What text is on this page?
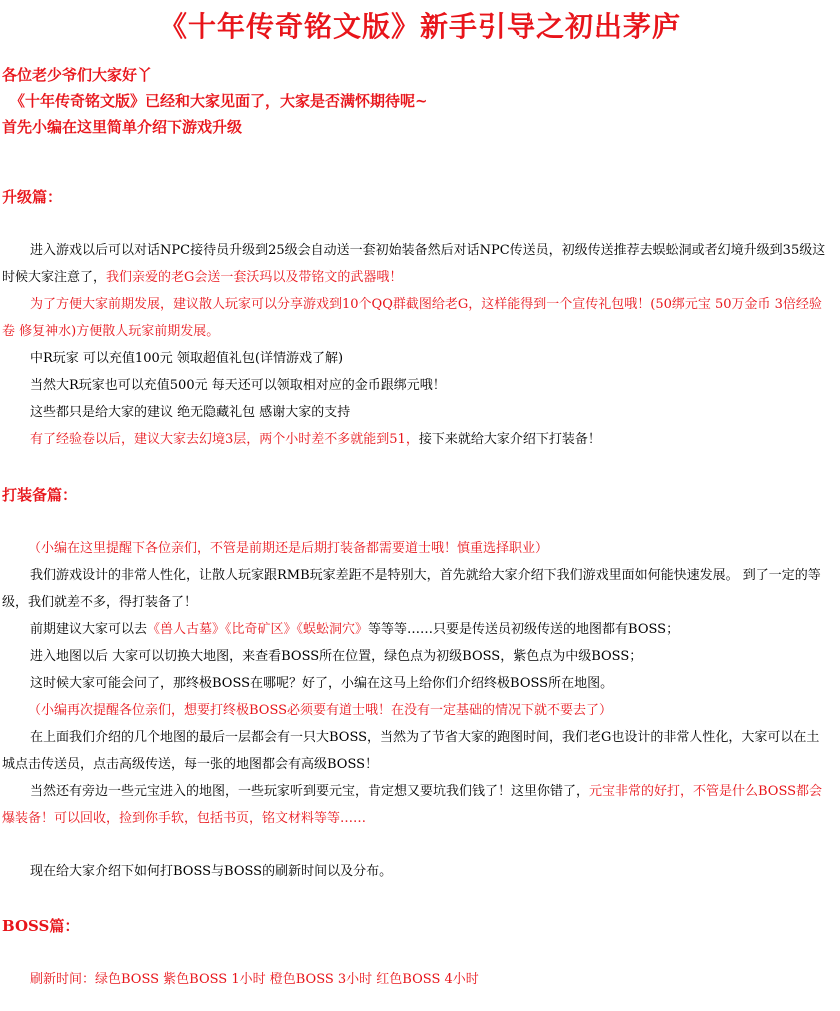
《十年传奇铭文版》新手引导之初出茅庐

各位老少爷们大家好丫

《十年传奇铭文版》已经和大家见面了，大家是否满怀期待呢~

首先小编在这里简单介绍下游戏升级

升级篇：

进入游戏以后可以对话NPC接待员升级到25级会自动送一套初始装备然后对话NPC传送员，初级传送推荐去蜈蚣洞或者幻境升级到35级这时候大家注意了，我们亲爱的老G会送一套沃玛以及带铭文的武器哦！

为了方便大家前期发展，建议散人玩家可以分享游戏到10个QQ群截图给老G，这样能得到一个宣传礼包哦！(50绑元宝 50万金币 3倍经验卷 修复神水)方便散人玩家前期发展。

中R玩家 可以充值100元 领取超值礼包(详情游戏了解)

当然大R玩家也可以充值500元 每天还可以领取相对应的金币跟绑元哦！

这些都只是给大家的建议 绝无隐藏礼包 感谢大家的支持

有了经验卷以后，建议大家去幻境3层，两个小时差不多就能到51，接下来就给大家介绍下打装备！

打装备篇：

（小编在这里提醒下各位亲们，不管是前期还是后期打装备都需要道士哦！慎重选择职业）

我们游戏设计的非常人性化，让散人玩家跟RMB玩家差距不是特别大，首先就给大家介绍下我们游戏里面如何能快速发展。 到了一定的等级，我们就差不多，得打装备了！

前期建议大家可以去《兽人古墓》《比奇矿区》《蜈蚣洞穴》等等等……只要是传送员初级传送的地图都有BOSS；

进入地图以后 大家可以切换大地图，来查看BOSS所在位置，绿色点为初级BOSS，紫色点为中级BOSS；

这时候大家可能会问了，那终极BOSS在哪呢？好了，小编在这马上给你们介绍终极BOSS所在地图。

（小编再次提醒各位亲们，想要打终极BOSS必须要有道士哦！在没有一定基础的情况下就不要去了）

在上面我们介绍的几个地图的最后一层都会有一只大BOSS，当然为了节省大家的跑图时间，我们老G也设计的非常人性化，大家可以在土城点击传送员，点击高级传送，每一张的地图都会有高级BOSS！

当然还有旁边一些元宝进入的地图，一些玩家听到要元宝，肯定想又要坑我们钱了！这里你错了，元宝非常的好打，不管是什么BOSS都会爆装备！可以回收，捡到你手软，包括书页，铭文材料等等……

现在给大家介绍下如何打BOSS与BOSS的刷新时间以及分布。

BOSS篇：

刷新时间：绿色BOSS 紫色BOSS 1小时 橙色BOSS 3小时 红色BOSS 4小时
